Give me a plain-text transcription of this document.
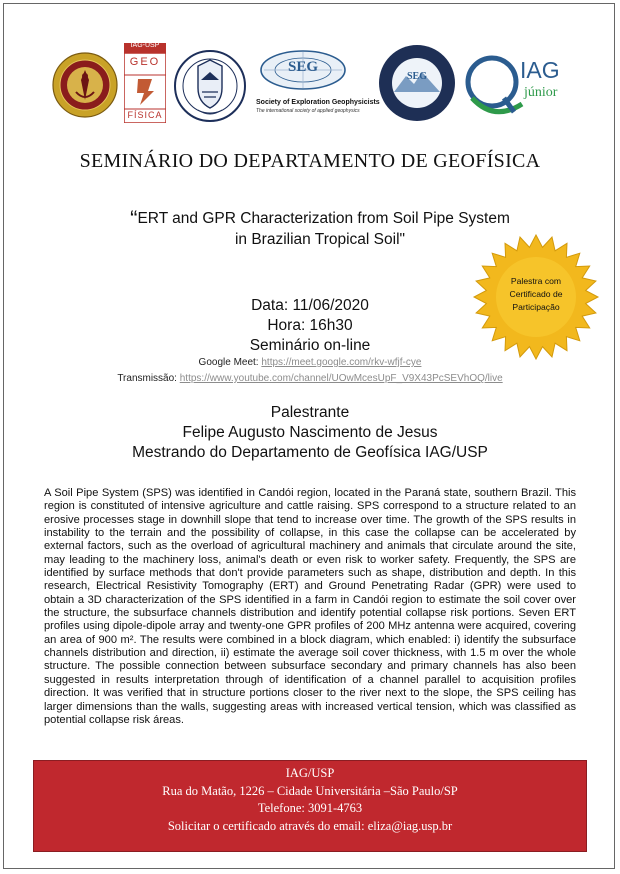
IAG-USP
GEO
FÍSICA
SEG
Society of Exploration Geophysicists
The international society of applied geophysics
SEG	IAG
júnior
SEMINÁRIO DO DEPARTAMENTO DE GEOFÍSICA
“ERT and GPR Characterization from Soil Pipe System
in Brazilian Tropical Soil"
Palestra com
Certificado de
Participação
Data: 11/06/2020
Hora: 16h30
Seminário on-line
Google Meet: https://meet.google.com/rkv-wfjf-cye
Transmissão: https://www.youtube.com/channel/UOwMcesUpF_V9X43PcSEVhOQ/live
Palestrante
Felipe Augusto Nascimento de Jesus
Mestrando do Departamento de Geofísica IAG/USP
A Soil Pipe System (SPS) was identified in Candói region, located in the Paraná state, southern Brazil. This region is constituted of intensive agriculture and cattle raising. SPS correspond to a structure related to an erosive processes stage in downhill slope that tend to increase over time. The growth of the SPS results in instability to the terrain and the possibility of collapse, in this case the collapse can be accelerated by external factors, such as the overload of agricultural machinery and animals that circulate around the site, may leading to the machinery loss, animal's death or even risk to worker safety. Frequently, the SPS are identified by surface methods that don't provide parameters such as shape, distribution and depth. In this research, Electrical Resistivity Tomography (ERT) and Ground Penetrating Radar (GPR) were used to obtain a 3D characterization of the SPS identified in a farm in Candói region to estimate the soil cover over the structure, the subsurface channels distribution and identify potential collapse risk portions. Seven ERT profiles using dipole-dipole array and twenty-one GPR profiles of 200 MHz antenna were acquired, covering an area of 900 m². The results were combined in a block diagram, which enabled: i) identify the subsurface channels distribution and direction, ii) estimate the average soil cover thickness, with 1.5 m over the whole structure. The possible connection between subsurface secondary and primary channels has also been suggested in results interpretation through of identification of a channel parallel to acquisition profiles direction. It was verified that in structure portions closer to the river next to the slope, the SPS ceiling has larger dimensions than the walls, suggesting areas with increased vertical tension, which was classified as potential collapse risk áreas.
IAG/USP
Rua do Matão, 1226 – Cidade Universitária –São Paulo/SP
Telefone: 3091-4763
Solicitar o certificado através do email: eliza@iag.usp.br
